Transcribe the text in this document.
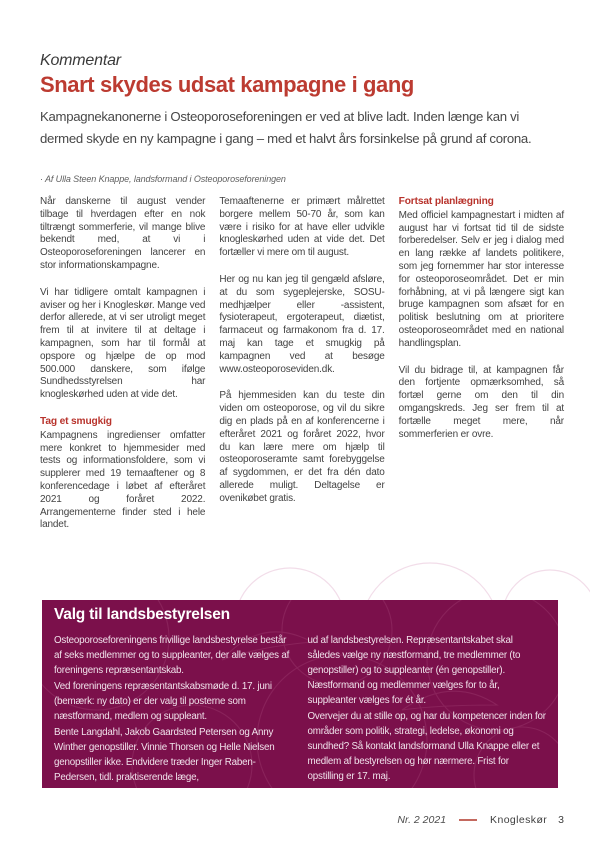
Kommentar
Snart skydes udsat kampagne i gang
Kampagnekanonerne i Osteoporoseforeningen er ved at blive ladt. Inden længe kan vi dermed skyde en ny kampagne i gang – med et halvt års forsinkelse på grund af corona.
· Af Ulla Steen Knappe, landsformand i Osteoporoseforeningen

Når danskerne til august vender tilbage til hverdagen efter en nok tiltrængt sommerferie, vil mange blive bekendt med, at vi i Osteoporoseforeningen lancerer en stor informationskampagne.

Vi har tidligere omtalt kampagnen i aviser og her i Knogleskør. Mange ved derfor allerede, at vi ser utroligt meget frem til at invitere til at deltage i kampagnen, som har til formål at opspore og hjælpe de op mod 500.000 danskere, som ifølge Sundhedsstyrelsen har knogleskørhed uden at vide det.

Tag et smugkig

Kampagnens ingredienser omfatter mere konkret to hjemmesider med tests og informationsfoldere, som vi supplerer med 19 temaaftener og 8 konferencedage i løbet af efteråret 2021 og foråret 2022. Arrangementerne finder sted i hele landet.

Temaaftenerne er primært målrettet borgere mellem 50-70 år, som kan være i risiko for at have eller udvikle knogleskørhed uden at vide det. Det fortæller vi mere om til august.

Her og nu kan jeg til gengæld afsløre, at du som sygeplejerske, SOSU-medhjælper eller -assistent, fysioterapeut, ergoterapeut, diætist, farmaceut og farmakonom fra d. 17. maj kan tage et smugkig på kampagnen ved at besøge www.osteoporoseviden.dk.

På hjemmesiden kan du teste din viden om osteoporose, og vil du sikre dig en plads på en af konferencerne i efteråret 2021 og foråret 2022, hvor du kan lære mere om hjælp til osteoporoseramte samt forebyggelse af sygdommen, er det fra dén dato allerede muligt. Deltagelse er ovenikøbet gratis.

Fortsat planlægning

Med officiel kampagnestart i midten af august har vi fortsat tid til de sidste forberedelser. Selv er jeg i dialog med en lang række af landets politikere, som jeg fornemmer har stor interesse for osteoporoseområdet. Det er min forhåbning, at vi på længere sigt kan bruge kampagnen som afsæt for en politisk beslutning om at prioritere osteoporoseområdet med en national handlingsplan.

Vil du bidrage til, at kampagnen får den fortjente opmærksomhed, så fortæl gerne om den til din omgangskreds. Jeg ser frem til at fortælle meget mere, når sommerferien er ovre.

Valg til landsbestyrelsen

Osteoporoseforeningens frivillige landsbestyrelse består af seks medlemmer og to suppleanter, der alle vælges af foreningens repræsentantskab.

Ved foreningens repræsentantskabsmøde d. 17. juni (bemærk: ny dato) er der valg til posterne som næstformand, medlem og suppleant.

Bente Langdahl, Jakob Gaardsted Petersen og Anny Winther genopstiller. Vinnie Thorsen og Helle Nielsen genopstiller ikke. Endvidere træder Inger Raben-Pedersen, tidl. praktiserende læge,

ud af landsbestyrelsen. Repræsentantskabet skal således vælge ny næstformand, tre medlemmer (to genopstiller) og to suppleanter (én genopstiller). Næstformand og medlemmer vælges for to år, suppleanter vælges for ét år.

Overvejer du at stille op, og har du kompetencer inden for områder som politik, strategi, ledelse, økonomi og sundhed? Så kontakt landsformand Ulla Knappe eller et medlem af bestyrelsen og hør nærmere. Frist for opstilling er 17. maj.

Nr. 2 2021	Knogleskør 3
